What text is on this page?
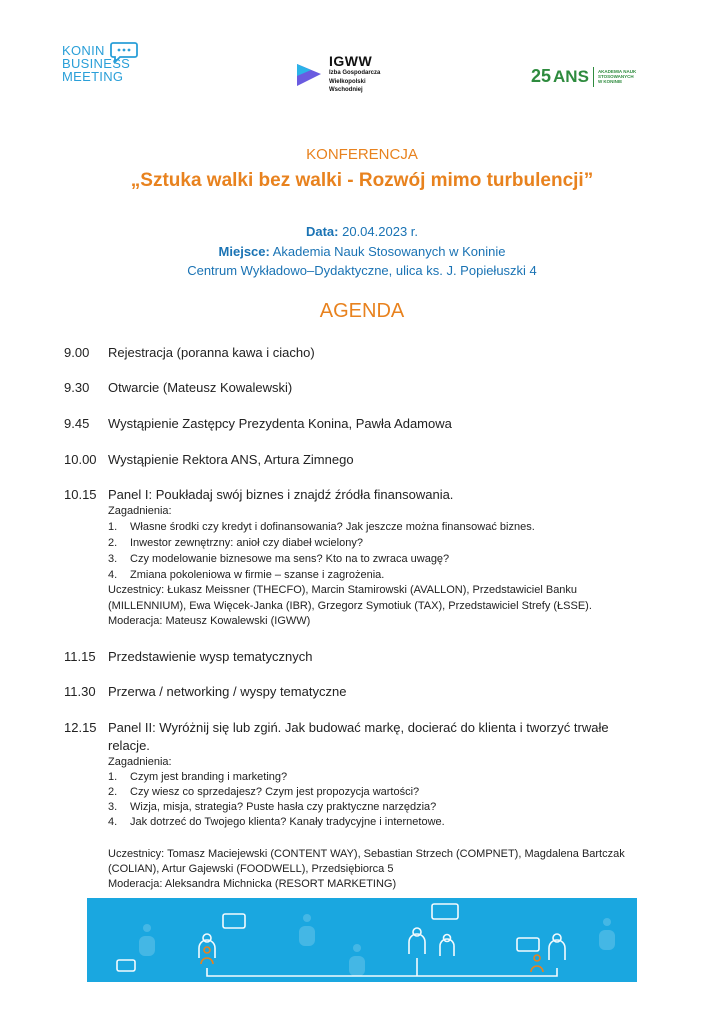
KONIN
BUSINESS
MEETING
IGWW
Izba Gospodarcza
Wielkopolski
Wschodniej
25 ANS AKADEMIA NAUK
STOSOWANYCH
W KONINIE
KONFERENCJA
„Sztuka walki bez walki - Rozwój mimo turbulencji”
Data: 20.04.2023 r.
Miejsce: Akademia Nauk Stosowanych w Koninie
Centrum Wykładowo–Dydaktyczne, ulica ks. J. Popiełuszki 4
AGENDA
9.00 Rejestracja (poranna kawa i ciacho)
9.30 Otwarcie (Mateusz Kowalewski)
9.45 Wystąpienie Zastępcy Prezydenta Konina, Pawła Adamowa
10.00 Wystąpienie Rektora ANS, Artura Zimnego
10.15 Panel I: Poukładaj swój biznes i znajdź źródła finansowania.
Zagadnienia:
1. Własne środki czy kredyt i dofinansowania? Jak jeszcze można finansować biznes.
2. Inwestor zewnętrzny: anioł czy diabeł wcielony?
3. Czy modelowanie biznesowe ma sens? Kto na to zwraca uwagę?
4. Zmiana pokoleniowa w firmie – szanse i zagrożenia.
Uczestnicy: Łukasz Meissner (THECFO), Marcin Stamirowski (AVALLON), Przedstawiciel Banku
(MILLENNIUM), Ewa Więcek-Janka (IBR), Grzegorz Symotiuk (TAX), Przedstawiciel Strefy (ŁSSE).
Moderacja: Mateusz Kowalewski (IGWW)
11.15 Przedstawienie wysp tematycznych
11.30 Przerwa / networking / wyspy tematyczne
12.15 Panel II: Wyróżnij się lub zgiń. Jak budować markę, docierać do klienta i tworzyć trwałe
relacje.
Zagadnienia:
1. Czym jest branding i marketing?
2. Czy wiesz co sprzedajesz? Czym jest propozycja wartości?
3. Wizja, misja, strategia? Puste hasła czy praktyczne narzędzia?
4. Jak dotrzeć do Twojego klienta? Kanały tradycyjne i internetowe.
Uczestnicy: Tomasz Maciejewski (CONTENT WAY), Sebastian Strzech (COMPNET), Magdalena Bartczak
(COLIAN), Artur Gajewski (FOODWELL), Przedsiębiorca 5
Moderacja: Aleksandra Michnicka (RESORT MARKETING)
